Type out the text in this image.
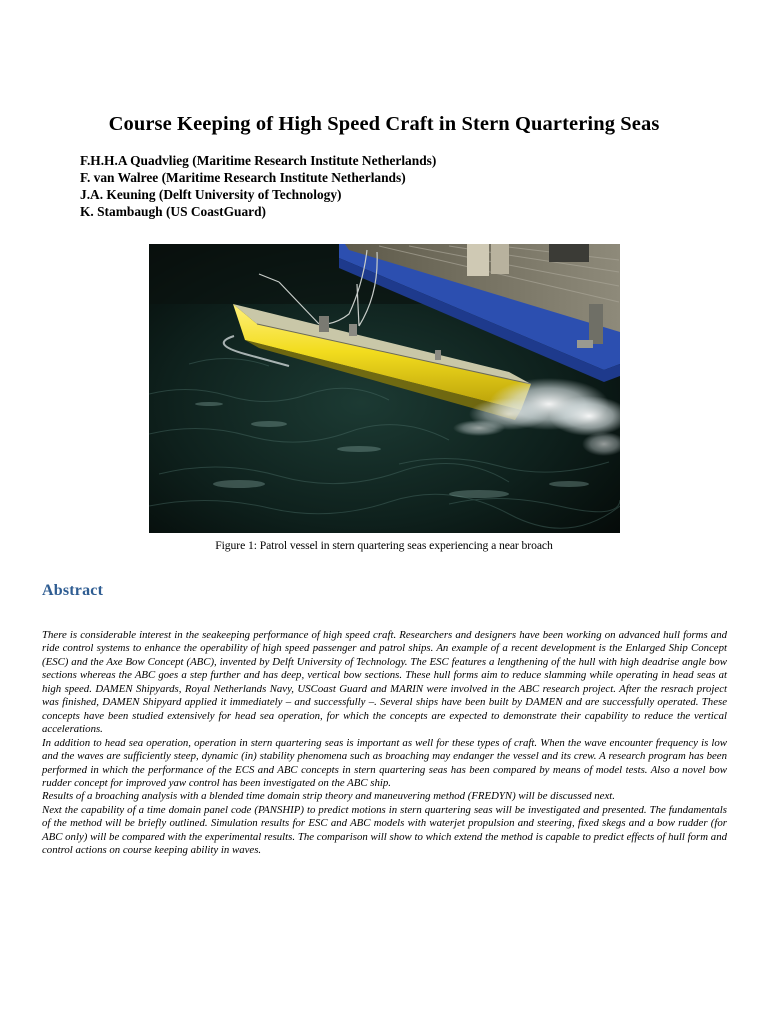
Course Keeping of High Speed Craft in Stern Quartering Seas
F.H.H.A Quadvlieg (Maritime Research Institute Netherlands)
F. van Walree (Maritime Research Institute Netherlands)
J.A. Keuning (Delft University of Technology)
K. Stambaugh (US CoastGuard)
Figure 1: Patrol vessel in stern quartering seas experiencing a near broach
Abstract

There is considerable interest in the seakeeping performance of high speed craft. Researchers and designers have been working on advanced hull forms and ride control systems to enhance the operability of high speed passenger and patrol ships. An example of a recent development is the Enlarged Ship Concept (ESC) and the Axe Bow Concept (ABC), invented by Delft University of Technology. The ESC features a lengthening of the hull with high deadrise angle bow sections whereas the ABC goes a step further and has deep, vertical bow sections. These hull forms aim to reduce slamming while operating in head seas at high speed. DAMEN Shipyards, Royal Netherlands Navy, USCoast Guard and MARIN were involved in the ABC research project. After the resrach project was finished, DAMEN Shipyard applied it immediately – and successfully –. Several ships have been built by DAMEN and are successfully operated. These concepts have been studied extensively for head sea operation, for which the concepts are expected to demonstrate their capability to reduce the vertical accelerations.

In addition to head sea operation, operation in stern quartering seas is important as well for these types of craft. When the wave encounter frequency is low and the waves are sufficiently steep, dynamic (in) stability phenomena such as broaching may endanger the vessel and its crew. A research program has been performed in which the performance of the ECS and ABC concepts in stern quartering seas has been compared by means of model tests. Also a novel bow rudder concept for improved yaw control has been investigated on the ABC ship.

Results of a broaching analysis with a blended time domain strip theory and maneuvering method (FREDYN) will be discussed next.

Next the capability of a time domain panel code (PANSHIP) to predict motions in stern quartering seas will be investigated and presented. The fundamentals of the method will be briefly outlined. Simulation results for ESC and ABC models with waterjet propulsion and steering, fixed skegs and a bow rudder (for ABC only) will be compared with the experimental results. The comparison will show to which extend the method is capable to predict effects of hull form and control actions on course keeping ability in waves.
